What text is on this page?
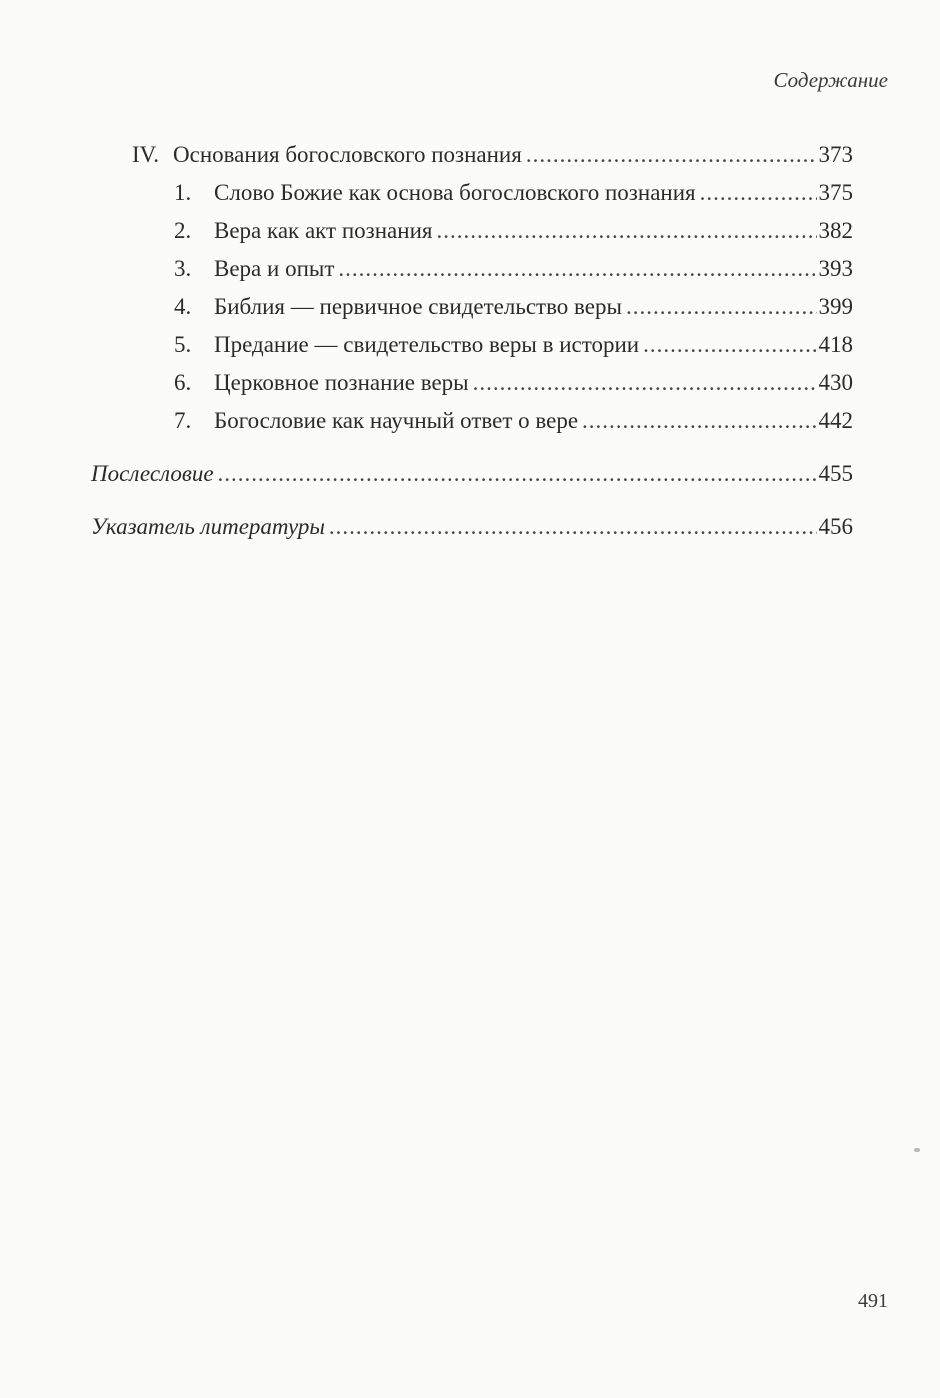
Содержание
IV. Основания богословского познания .....	373
1. Слово Божие как основа богословского познания .....	375
2. Вера как акт познания .....	382
3. Вера и опыт .....	393
4. Библия — первичное свидетельство веры .....	399
5. Предание — свидетельство веры в истории .....	418
6. Церковное познание веры .....	430
7. Богословие как научный ответ о вере .....	442
Послесловие .....	455
Указатель литературы .....	456
491
